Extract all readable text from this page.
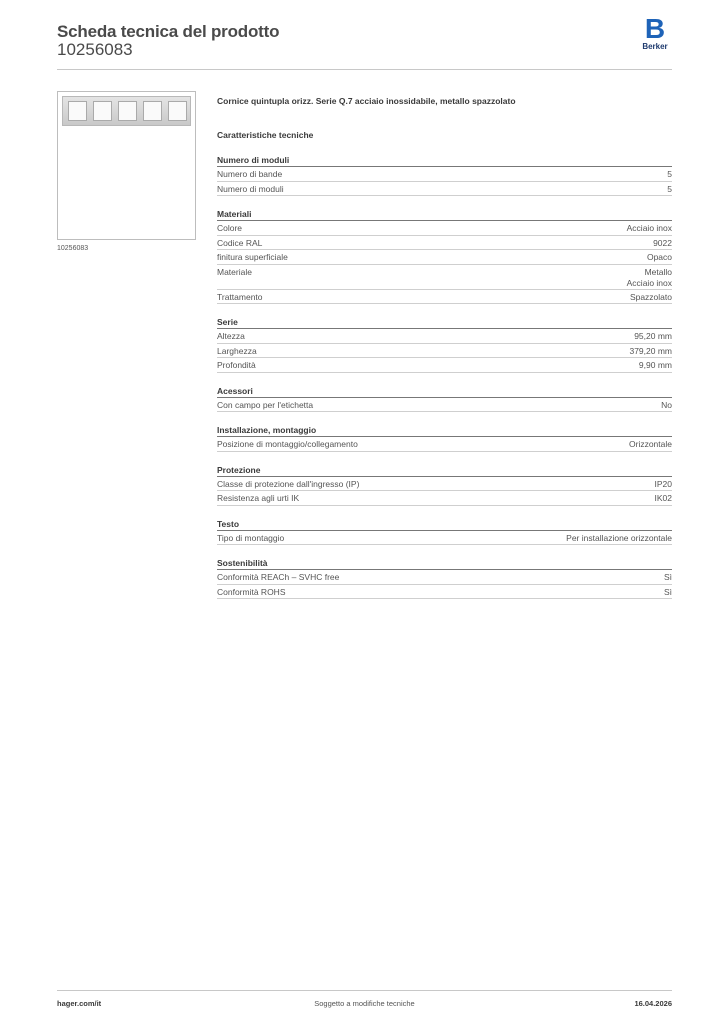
Scheda tecnica del prodotto
10256083
B
Berker
10256083
Cornice quintupla orizz. Serie Q.7 acciaio inossidabile, metallo spazzolato
Caratteristiche tecniche
Numero di moduli
Numero di bande	5
Numero di moduli	5
Materiali
Colore	Acciaio inox
Codice RAL	9022
finitura superficiale	Opaco
Materiale	Metallo
Acciaio inox
Trattamento	Spazzolato
Serie
Altezza	95,20 mm
Larghezza	379,20 mm
Profondità	9,90 mm
Acessori
Con campo per l'etichetta	No
Installazione, montaggio
Posizione di montaggio/collegamento	Orizzontale
Protezione
Classe di protezione dall'ingresso (IP)	IP20
Resistenza agli urti IK	IK02
Testo
Tipo di montaggio	Per installazione orizzontale
Sostenibilità
Conformità REACh – SVHC free	Sì
Conformità ROHS	Sì
hager.com/it	Soggetto a modifiche tecniche	16.04.2026
